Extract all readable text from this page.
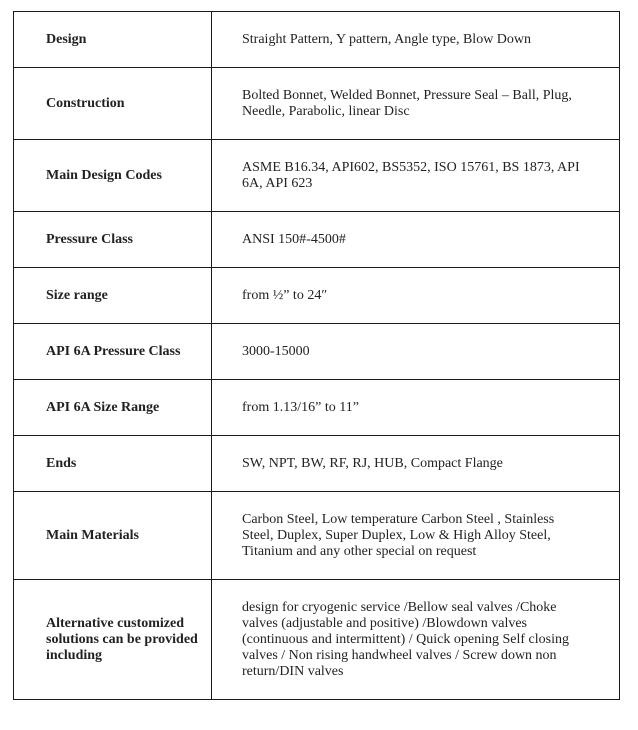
Design	Straight Pattern, Y pattern, Angle type, Blow Down
Construction	Bolted Bonnet, Welded Bonnet, Pressure Seal – Ball, Plug, Needle, Parabolic, linear Disc
Main Design Codes	ASME B16.34, API602, BS5352, ISO 15761, BS 1873, API 6A, API 623
Pressure Class	ANSI 150#-4500#
Size range	from ½” to 24″
API 6A Pressure Class	3000-15000
API 6A Size Range	from 1.13/16” to 11”
Ends	SW, NPT, BW, RF, RJ, HUB, Compact Flange
Main Materials	Carbon Steel, Low temperature Carbon Steel , Stainless Steel, Duplex, Super Duplex, Low & High Alloy Steel, Titanium and any other special on request
Alternative customized solutions can be provided including	design for cryogenic service /Bellow seal valves /Choke valves (adjustable and positive) /Blowdown valves (continuous and intermittent) / Quick opening Self closing valves / Non rising handwheel valves / Screw down non return/DIN valves
